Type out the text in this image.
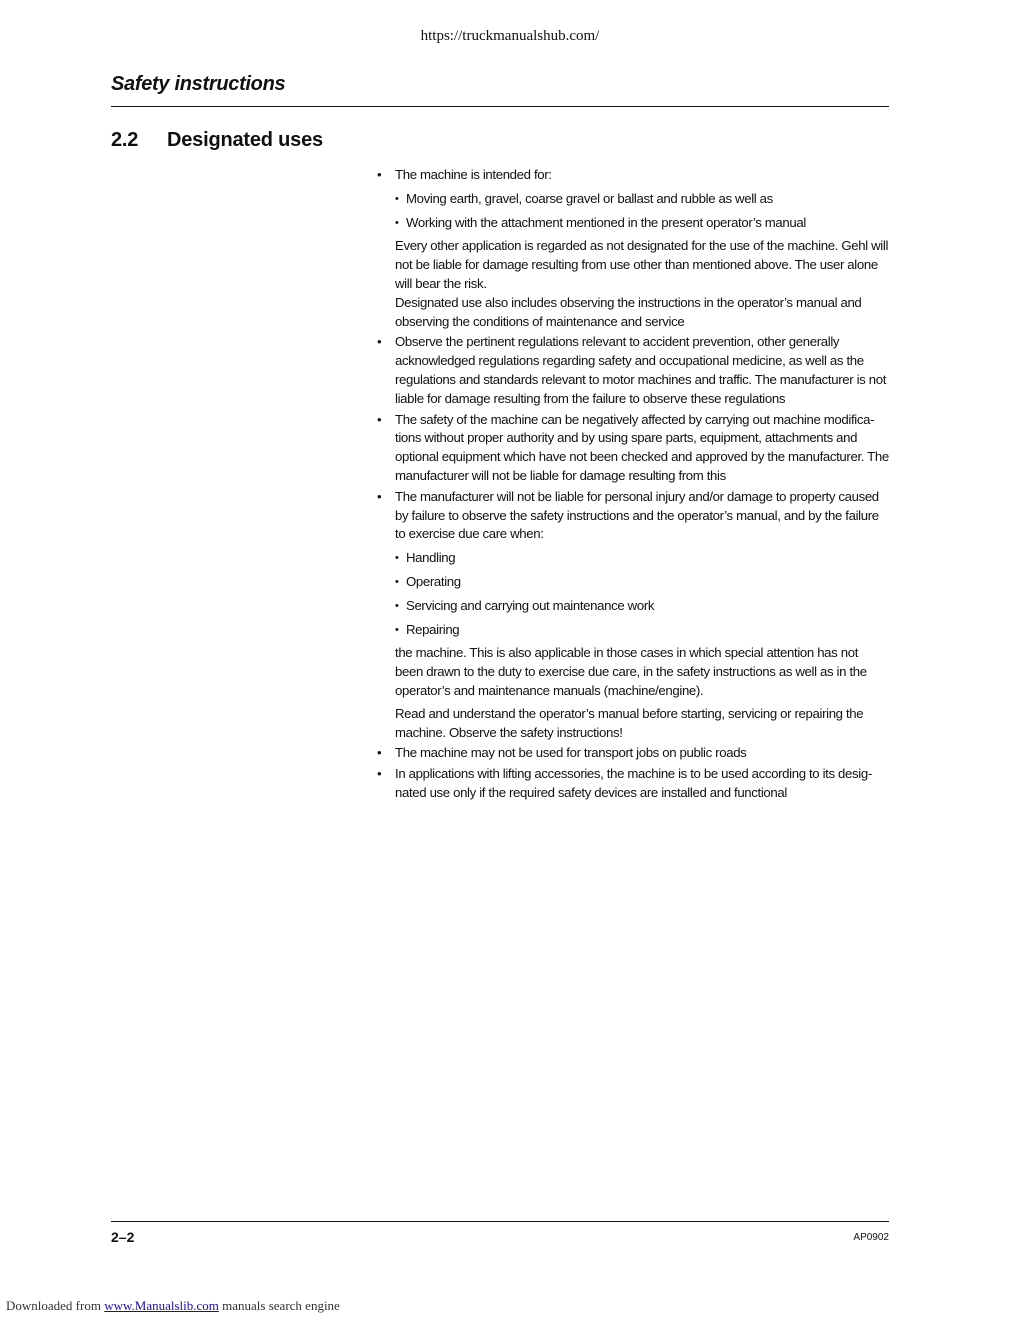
https://truckmanualshub.com/
Safety instructions
2.2 Designated uses
•	The machine is intended for:
• Moving earth, gravel, coarse gravel or ballast and rubble as well as
• Working with the attachment mentioned in the present operator’s manual
Every other application is regarded as not designated for the use of the machine. Gehl will not be liable for damage resulting from use other than mentioned above. The user alone will bear the risk.
Designated use also includes observing the instructions in the operator’s manual and observing the conditions of maintenance and service
•	Observe the pertinent regulations relevant to accident prevention, other generally acknowledged regulations regarding safety and occupational medicine, as well as the regulations and standards relevant to motor machines and traffic. The manufacturer is not liable for damage resulting from the failure to observe these regulations
•	The safety of the machine can be negatively affected by carrying out machine modifica-tions without proper authority and by using spare parts, equipment, attachments and optional equipment which have not been checked and approved by the manufacturer. The manufacturer will not be liable for damage resulting from this
•	The manufacturer will not be liable for personal injury and/or damage to property caused by failure to observe the safety instructions and the operator’s manual, and by the failure to exercise due care when:
• Handling
• Operating
• Servicing and carrying out maintenance work
• Repairing
the machine. This is also applicable in those cases in which special attention has not been drawn to the duty to exercise due care, in the safety instructions as well as in the operator’s and maintenance manuals (machine/engine).
Read and understand the operator’s manual before starting, servicing or repairing the machine. Observe the safety instructions!
•	The machine may not be used for transport jobs on public roads
•	In applications with lifting accessories, the machine is to be used according to its desig-nated use only if the required safety devices are installed and functional
2–2	AP0902
Downloaded from www.Manualslib.com manuals search engine
